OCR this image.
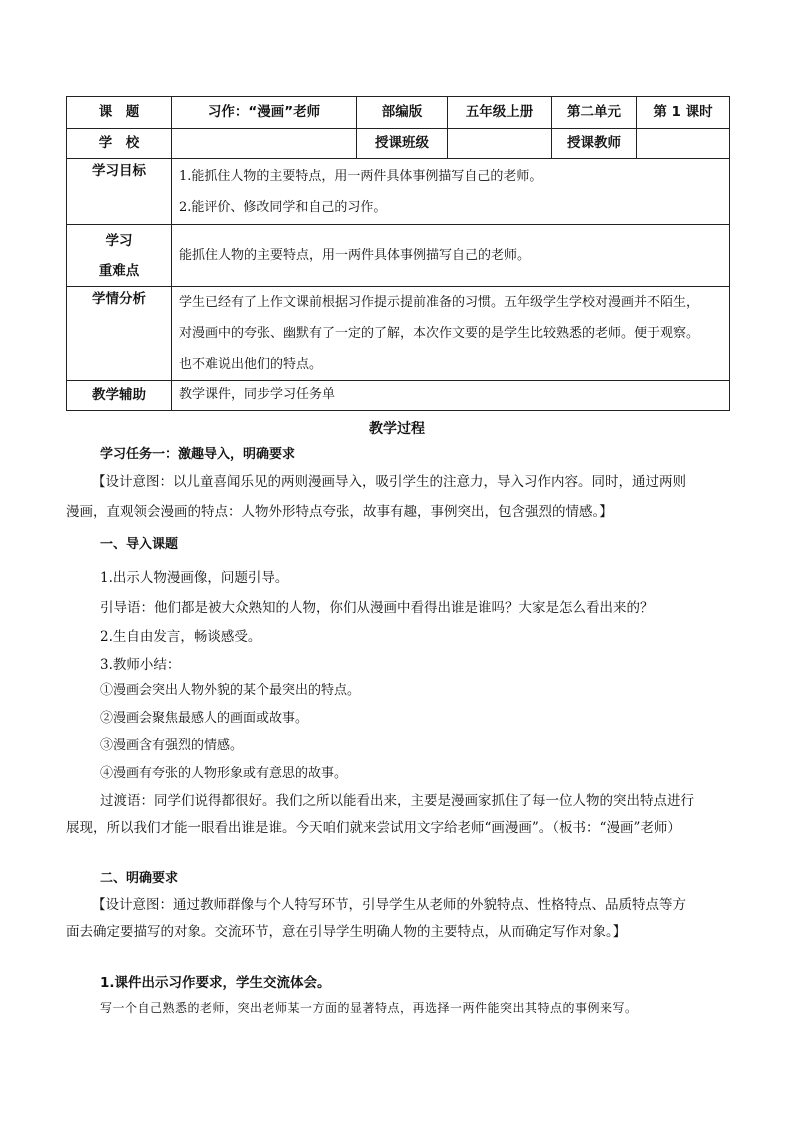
课　题	习作：“漫画”老师	部编版	五年级上册	第二单元	第 1 课时
学　校		授课班级		授课教师	
学习目标	1.能抓住人物的主要特点，用一两件具体事例描写自己的老师。

2.能评价、修改同学和自己的习作。				

学习
重难点	能抓住人物的主要特点，用一两件具体事例描写自己的老师。				

学情分析	学生已经有了上作文课前根据习作提示提前准备的习惯。五年级学生学校对漫画并不陌生，

对漫画中的夸张、幽默有了一定的了解，本次作文要的是学生比较熟悉的老师。便于观察。

也不难说出他们的特点。				

教学辅助	教学课件，同步学习任务单				
教学过程
学习任务一：激趣导入，明确要求
【设计意图：以儿童喜闻乐见的两则漫画导入，吸引学生的注意力，导入习作内容。同时，通过两则
漫画，直观领会漫画的特点：人物外形特点夸张，故事有趣，事例突出，包含强烈的情感。】
一、导入课题
1.出示人物漫画像，问题引导。
引导语：他们都是被大众熟知的人物，你们从漫画中看得出谁是谁吗？大家是怎么看出来的？
2.生自由发言，畅谈感受。
3.教师小结：
①漫画会突出人物外貌的某个最突出的特点。
②漫画会聚焦最感人的画面或故事。
③漫画含有强烈的情感。
④漫画有夸张的人物形象或有意思的故事。
过渡语：同学们说得都很好。我们之所以能看出来，主要是漫画家抓住了每一位人物的突出特点进行
展现，所以我们才能一眼看出谁是谁。今天咱们就来尝试用文字给老师“画漫画”。（板书：“漫画”老师）
二、明确要求
【设计意图：通过教师群像与个人特写环节，引导学生从老师的外貌特点、性格特点、品质特点等方
面去确定要描写的对象。交流环节，意在引导学生明确人物的主要特点，从而确定写作对象。】
1.课件出示习作要求，学生交流体会。
写一个自己熟悉的老师，突出老师某一方面的显著特点，再选择一两件能突出其特点的事例来写。
